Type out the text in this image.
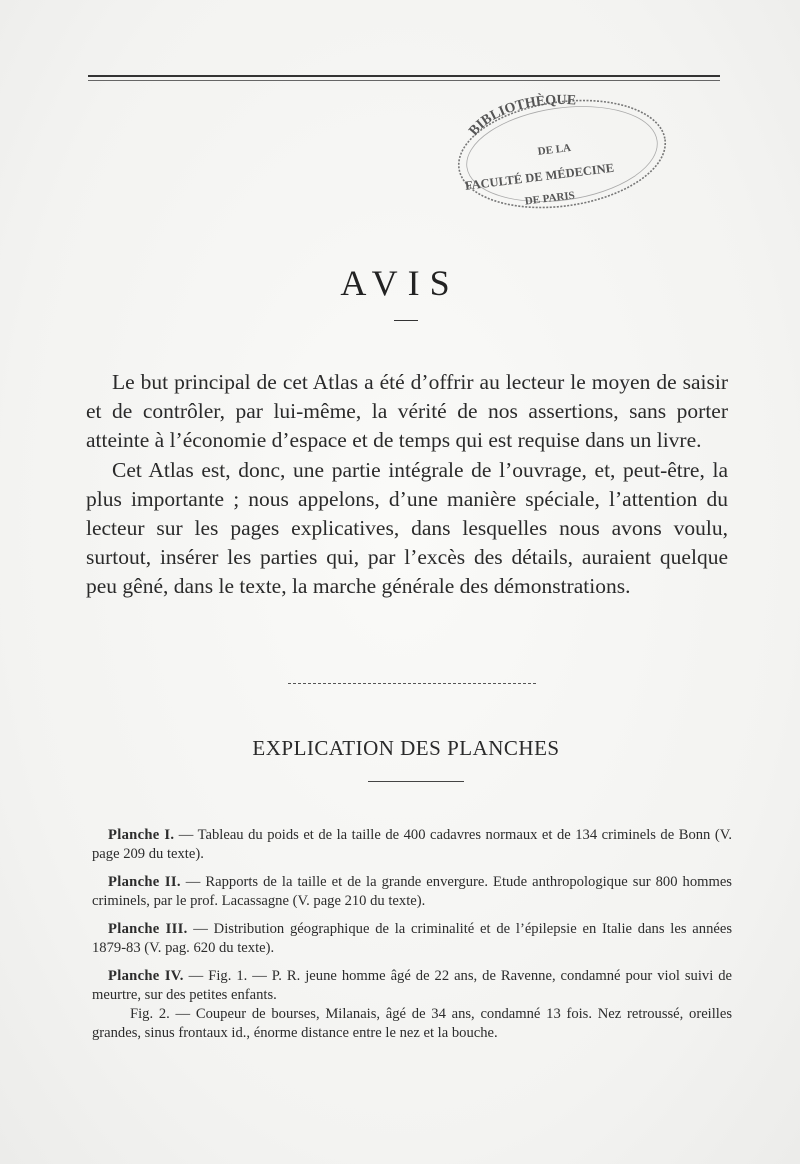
BIBLIOTHÈQUE
DE LA
FACULTÉ DE MÉDECINE
DE PARIS
AVIS

Le but principal de cet Atlas a été d’offrir au lecteur le moyen de saisir et de contrôler, par lui-même, la vérité de nos assertions, sans porter atteinte à l’économie d’espace et de temps qui est requise dans un livre.

Cet Atlas est, donc, une partie intégrale de l’ouvrage, et, peut-être, la plus importante ; nous appelons, d’une manière spéciale, l’attention du lecteur sur les pages explicatives, dans lesquelles nous avons voulu, surtout, insérer les parties qui, par l’excès des détails, auraient quelque peu gêné, dans le texte, la marche générale des démonstrations.

EXPLICATION DES PLANCHES

Planche I. — Tableau du poids et de la taille de 400 cadavres normaux et de 134 criminels de Bonn (V. page 209 du texte).

Planche II. — Rapports de la taille et de la grande envergure. Etude anthropologique sur 800 hommes criminels, par le prof. Lacassagne (V. page 210 du texte).

Planche III. — Distribution géographique de la criminalité et de l’épilepsie en Italie dans les années 1879-83 (V. pag. 620 du texte).

Planche IV. — Fig. 1. — P. R. jeune homme âgé de 22 ans, de Ravenne, condamné pour viol suivi de meurtre, sur des petites enfants.

Fig. 2. — Coupeur de bourses, Milanais, âgé de 34 ans, condamné 13 fois. Nez retroussé, oreilles grandes, sinus frontaux id., énorme distance entre le nez et la bouche.
